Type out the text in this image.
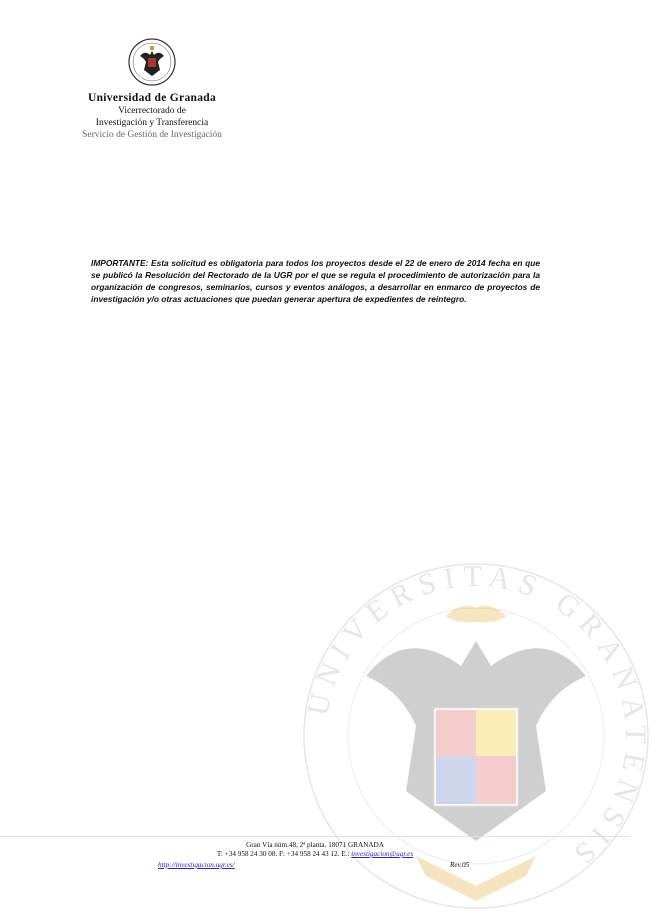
Universidad de Granada
Vicerrectorado de
Investigación y Transferencia
Servicio de Gestión de Investigación

IMPORTANTE: Esta solicitud es obligatoria para todos los proyectos desde el 22 de enero de 2014 fecha en que se publicó la Resolución del Rectorado de la UGR por el que se regula el procedimiento de autorización para la organización de congresos, seminarios, cursos y eventos análogos, a desarrollar en enmarco de proyectos de investigación y/o otras actuaciones que puedan generar apertura de expedientes de reintegro.

UNIVERSITAS GRANATENSIS
Gran Vía núm.48, 2ª planta. 18071 GRANADA
T: +34 958 24 30 08. F: +34 958 24 43 12. E.: investigacion@ugr.es
http://investigacion.ugr.es/	Rev.05
